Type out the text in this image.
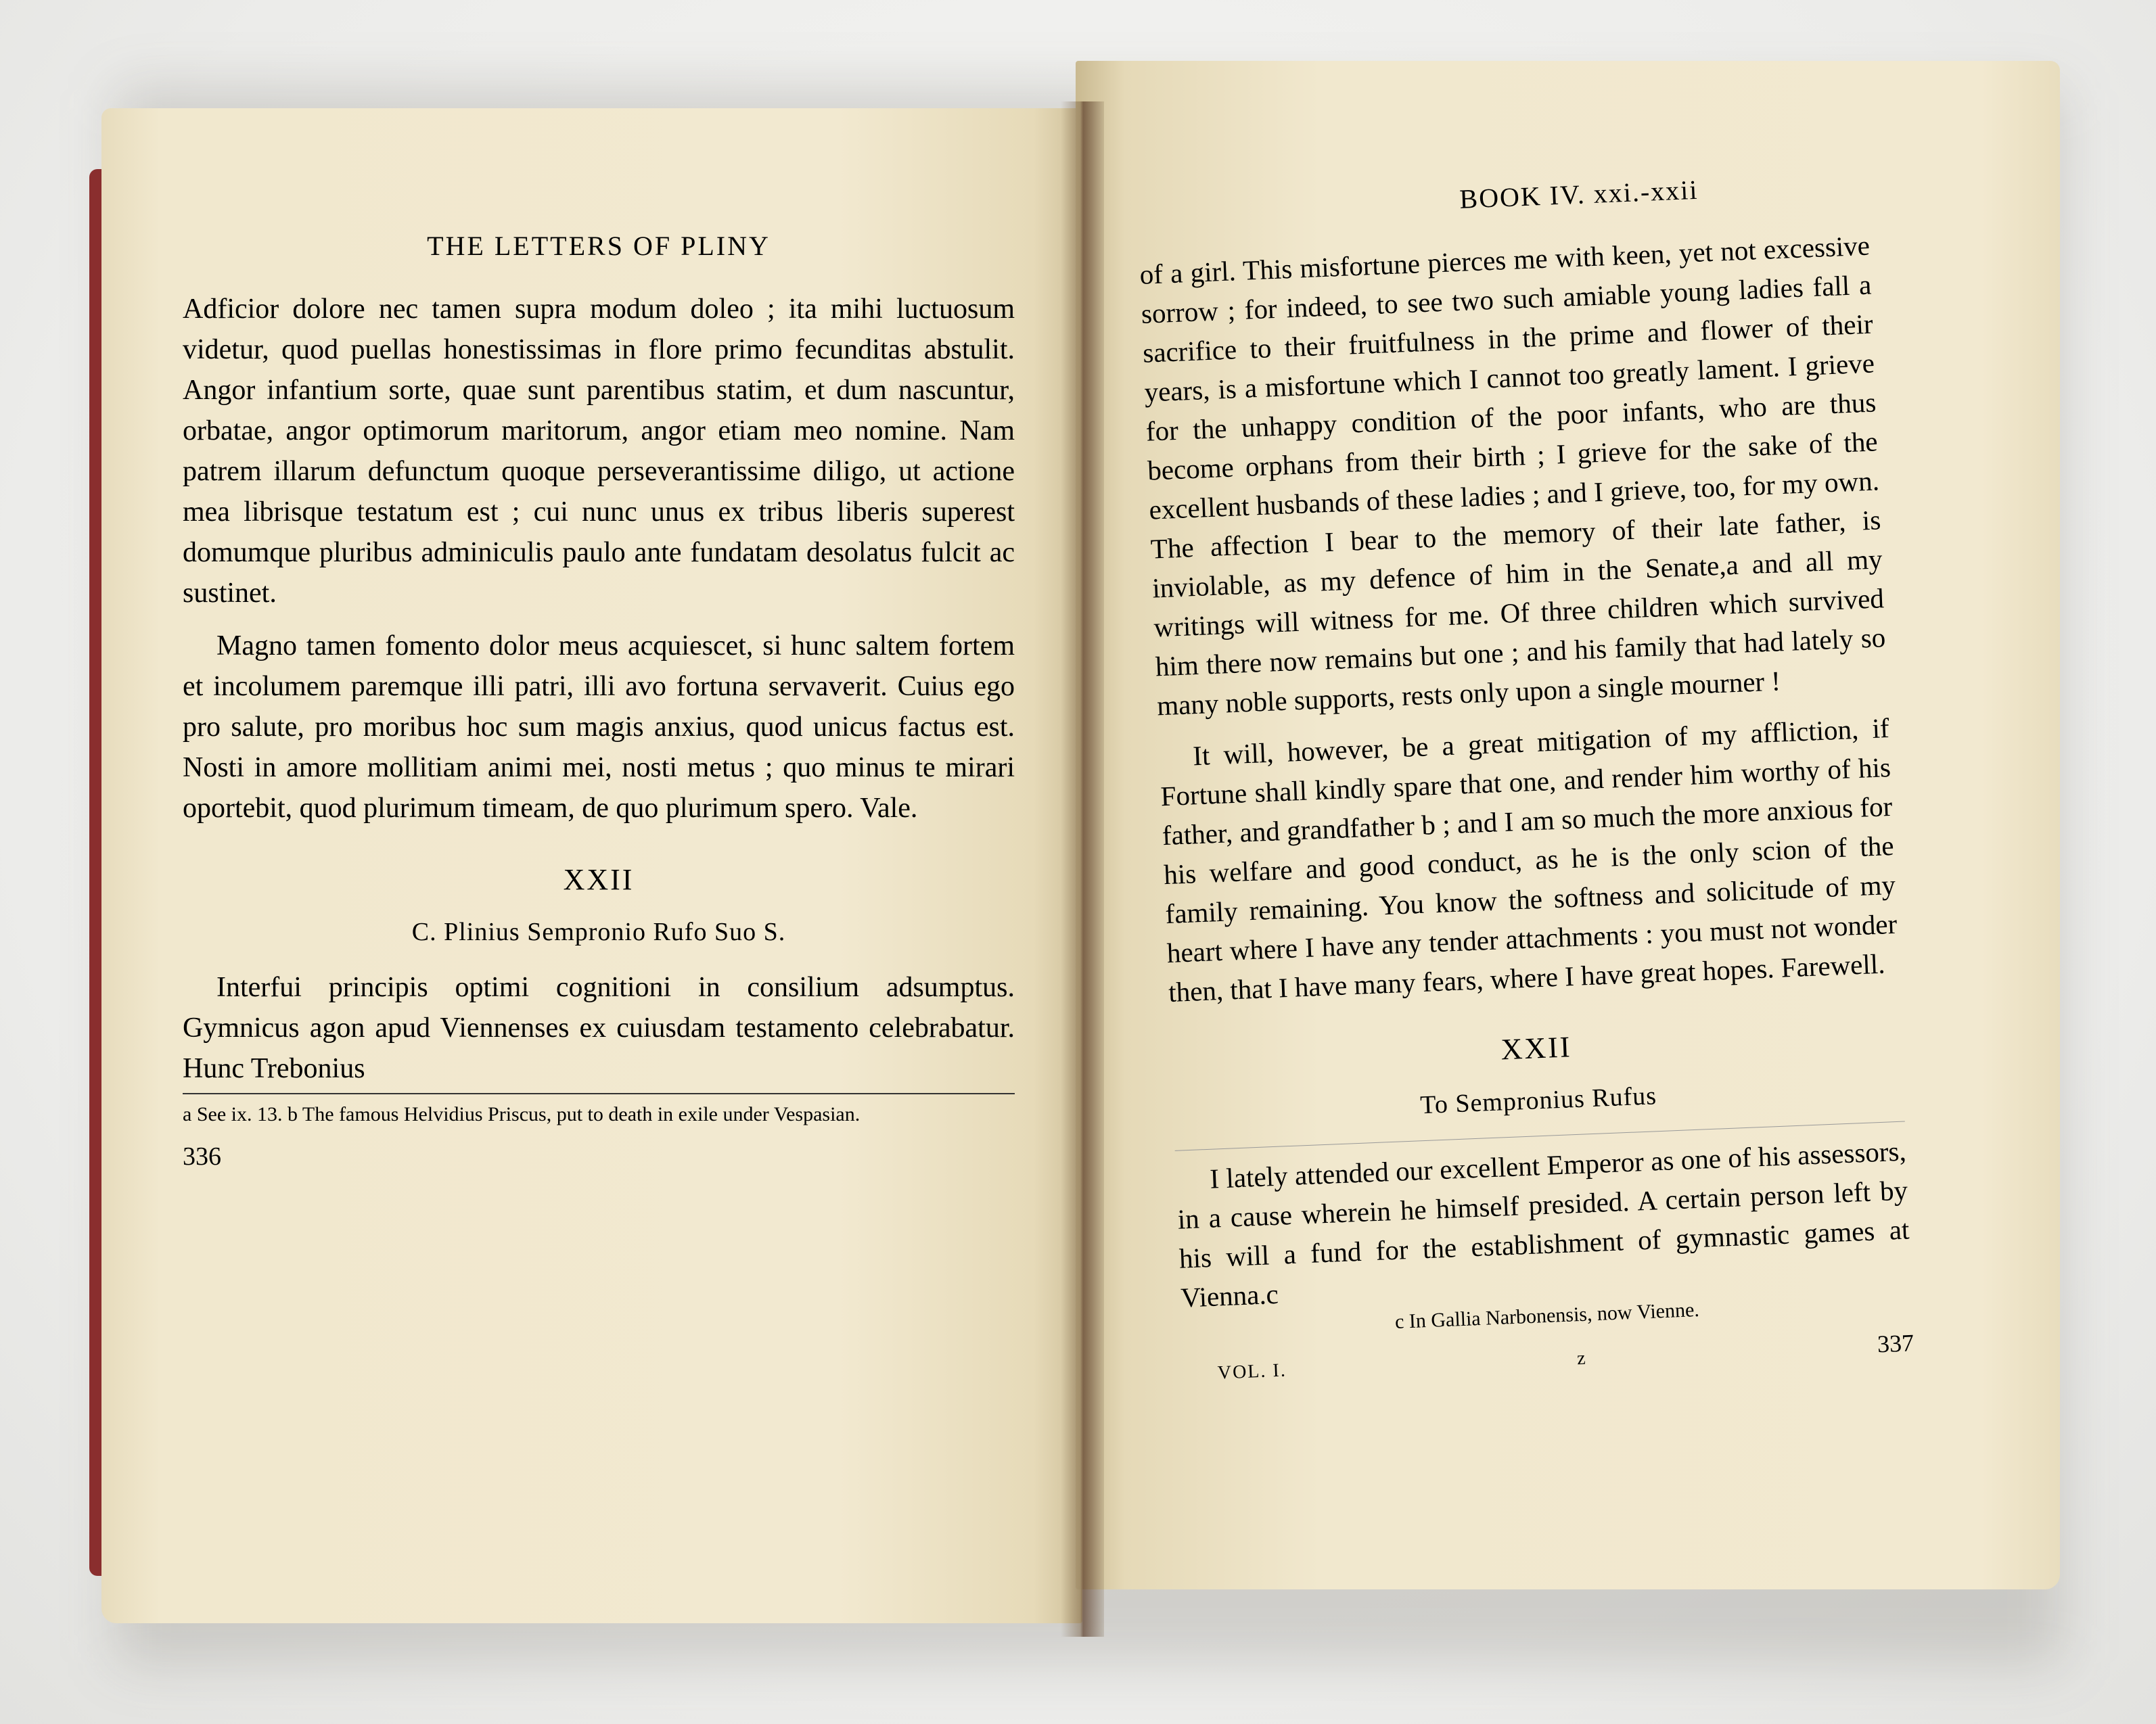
THE LETTERS OF PLINY

Adficior dolore nec tamen supra modum doleo ; ita mihi luctuosum videtur, quod puellas honestissimas in flore primo fecunditas abstulit. Angor infantium sorte, quae sunt parentibus statim, et dum nascuntur, orbatae, angor optimorum maritorum, angor etiam meo nomine. Nam patrem illarum defunctum quoque perseverantissime diligo, ut actione mea librisque testatum est ; cui nunc unus ex tribus liberis superest domumque pluribus adminiculis paulo ante fundatam desolatus fulcit ac sustinet.

Magno tamen fomento dolor meus acquiescet, si hunc saltem fortem et incolumem paremque illi patri, illi avo fortuna servaverit. Cuius ego pro salute, pro moribus hoc sum magis anxius, quod unicus factus est. Nosti in amore mollitiam animi mei, nosti metus ; quo minus te mirari oportebit, quod plurimum timeam, de quo plurimum spero. Vale.

XXII
C. Plinius Sempronio Rufo Suo S.

Interfui principis optimi cognitioni in consilium adsumptus. Gymnicus agon apud Viennenses ex cuiusdam testamento celebrabatur. Hunc Trebonius

a See ix. 13. b The famous Helvidius Priscus, put to death in exile under Vespasian.
336
BOOK IV. xxi.-xxii

of a girl. This misfortune pierces me with keen, yet not excessive sorrow ; for indeed, to see two such amiable young ladies fall a sacrifice to their fruitfulness in the prime and flower of their years, is a misfortune which I cannot too greatly lament. I grieve for the unhappy condition of the poor infants, who are thus become orphans from their birth ; I grieve for the sake of the excellent husbands of these ladies ; and I grieve, too, for my own. The affection I bear to the memory of their late father, is inviolable, as my defence of him in the Senate,a and all my writings will witness for me. Of three children which survived him there now remains but one ; and his family that had lately so many noble supports, rests only upon a single mourner !

It will, however, be a great mitigation of my affliction, if Fortune shall kindly spare that one, and render him worthy of his father, and grandfather b ; and I am so much the more anxious for his welfare and good conduct, as he is the only scion of the family remaining. You know the softness and solicitude of my heart where I have any tender attachments : you must not wonder then, that I have many fears, where I have great hopes. Farewell.

XXII
To Sempronius Rufus

I lately attended our excellent Emperor as one of his assessors, in a cause wherein he himself presided. A certain person left by his will a fund for the establishment of gymnastic games at Vienna.c

c In Gallia Narbonensis, now Vienne.
VOL. I.
z
337
